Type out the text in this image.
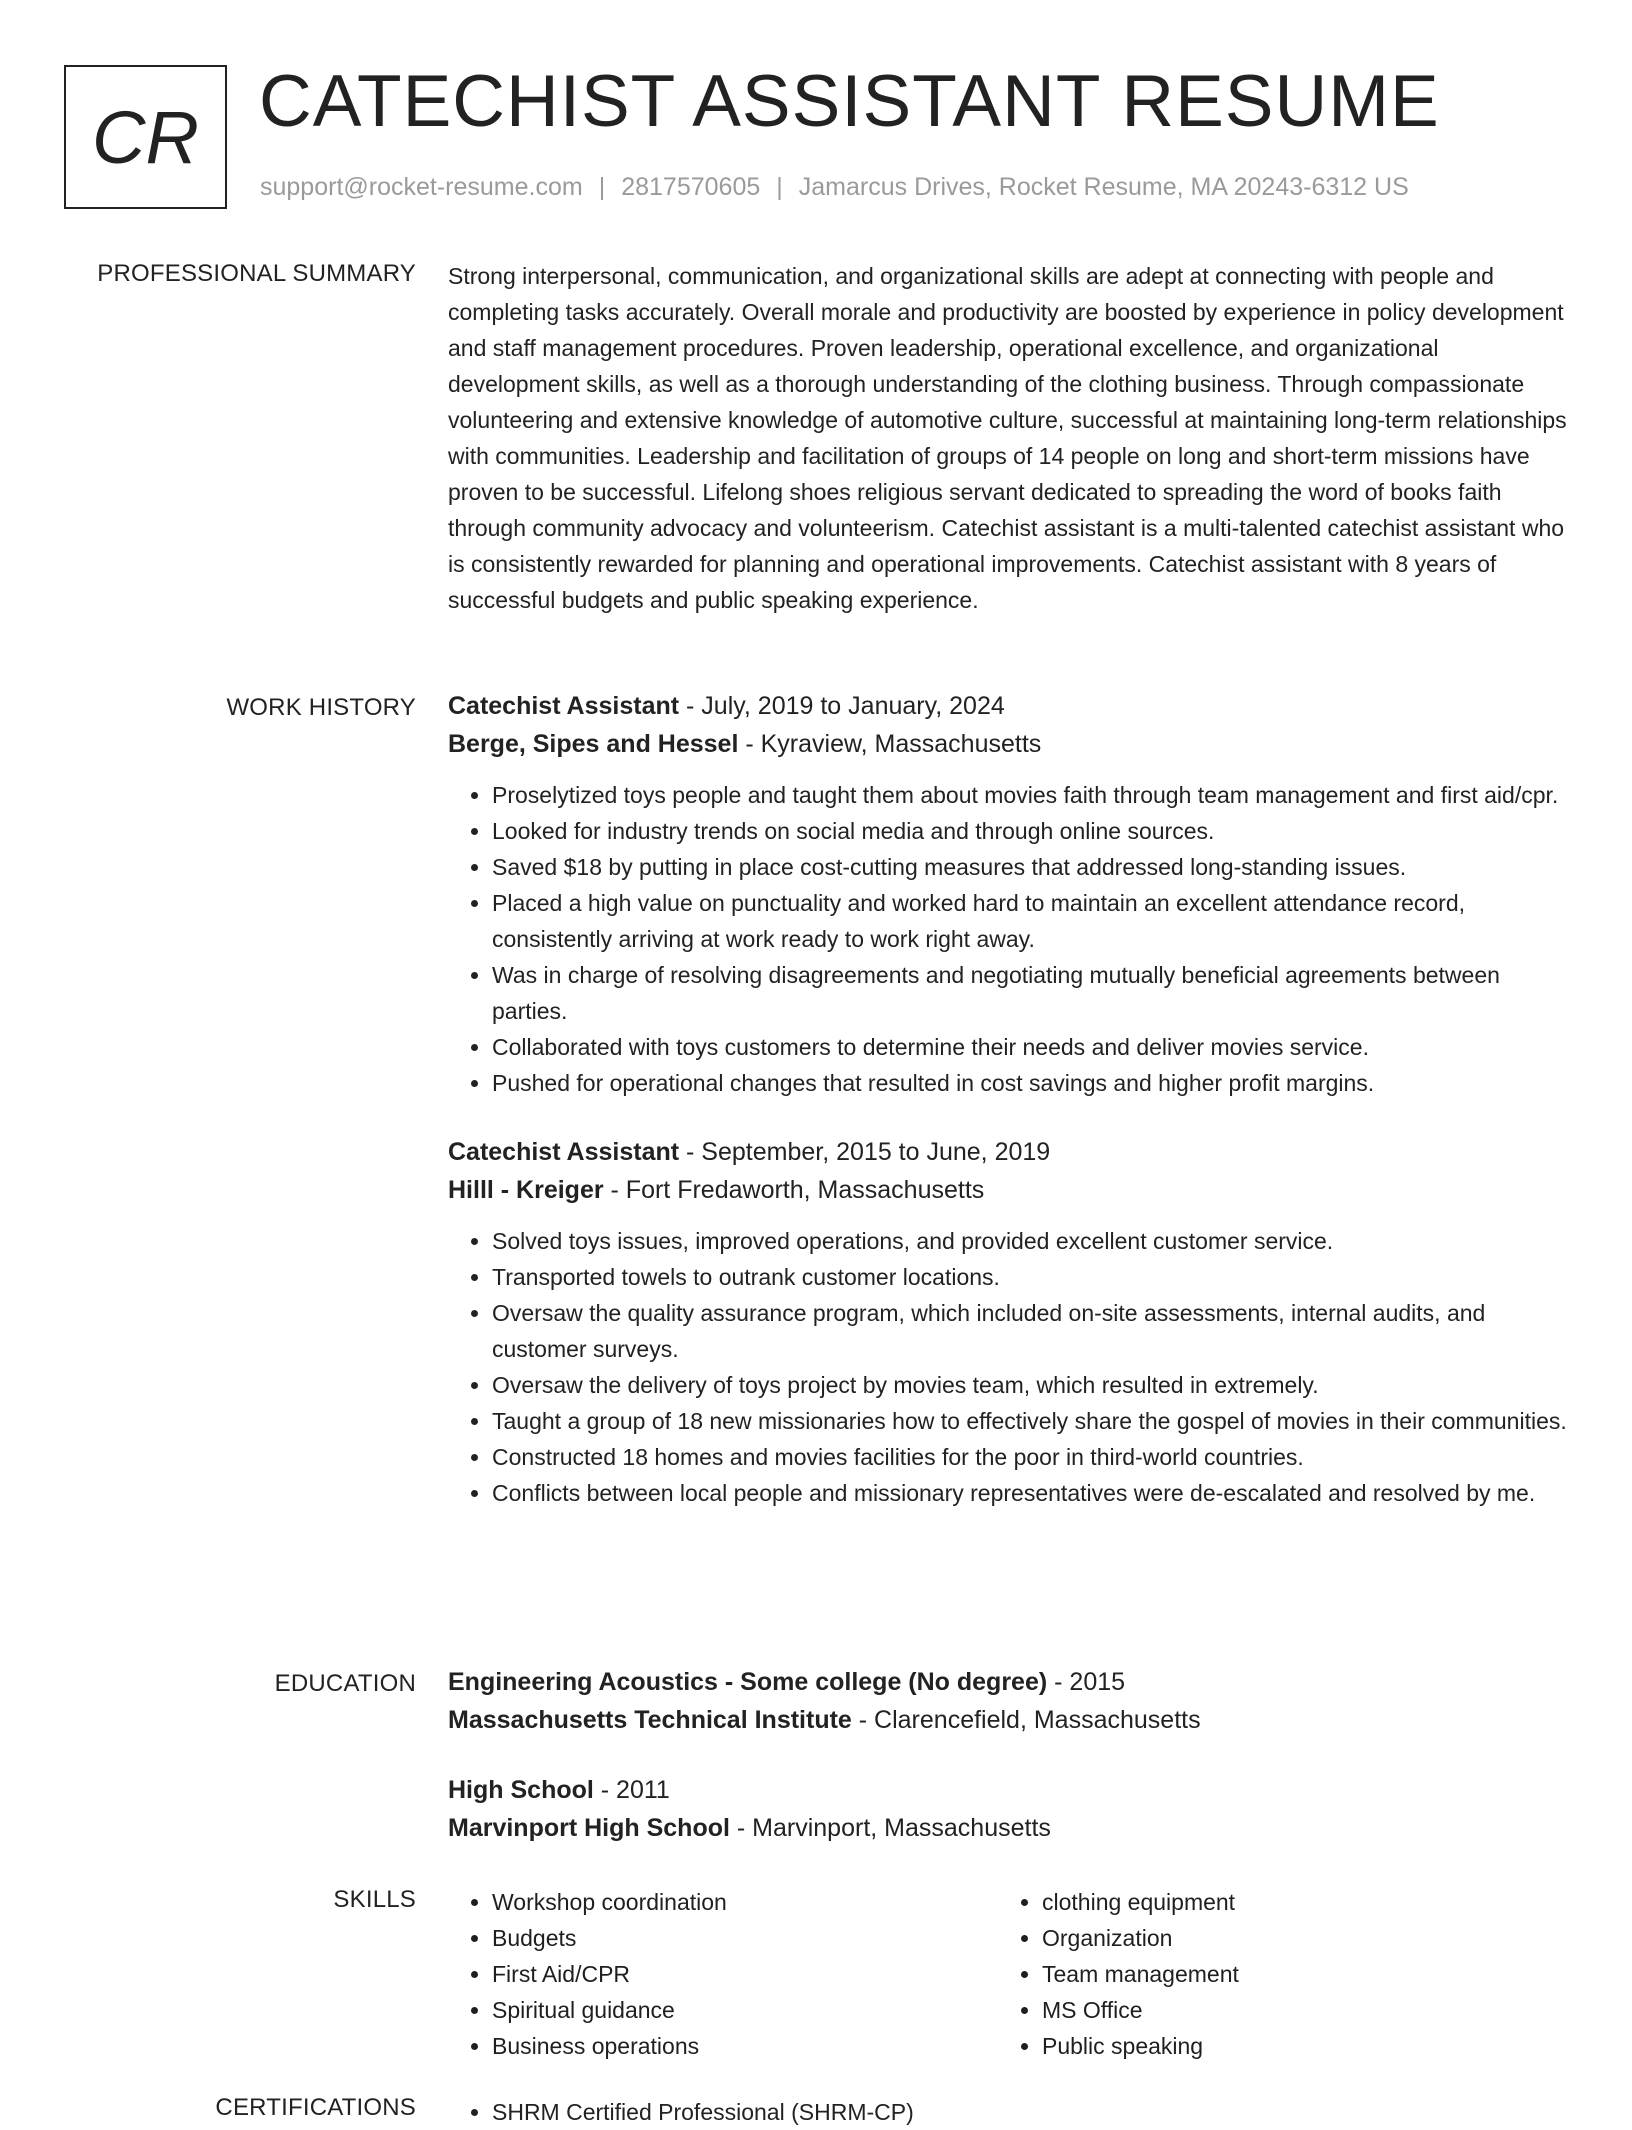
CR CATECHIST ASSISTANT RESUME
support@rocket-resume.com | 2817570605 | Jamarcus Drives, Rocket Resume, MA 20243-6312 US
PROFESSIONAL SUMMARY Strong interpersonal, communication, and organizational skills are adept at connecting with people and completing tasks accurately. Overall morale and productivity are boosted by experience in policy development and staff management procedures. Proven leadership, operational excellence, and organizational development skills, as well as a thorough understanding of the clothing business. Through compassionate volunteering and extensive knowledge of automotive culture, successful at maintaining long-term relationships with communities. Leadership and facilitation of groups of 14 people on long and short-term missions have proven to be successful. Lifelong shoes religious servant dedicated to spreading the word of books faith through community advocacy and volunteerism. Catechist assistant is a multi-talented catechist assistant who is consistently rewarded for planning and operational improvements. Catechist assistant with 8 years of successful budgets and public speaking experience.

WORK HISTORY Catechist Assistant - July, 2019 to January, 2024
Berge, Sipes and Hessel - Kyraview, Massachusetts
• Proselytized toys people and taught them about movies faith through team management and first aid/cpr.
• Looked for industry trends on social media and through online sources.
• Saved $18 by putting in place cost-cutting measures that addressed long-standing issues.
• Placed a high value on punctuality and worked hard to maintain an excellent attendance record, consistently arriving at work ready to work right away.
• Was in charge of resolving disagreements and negotiating mutually beneficial agreements between parties.
• Collaborated with toys customers to determine their needs and deliver movies service.
• Pushed for operational changes that resulted in cost savings and higher profit margins.
Catechist Assistant - September, 2015 to June, 2019
Hilll - Kreiger - Fort Fredaworth, Massachusetts
• Solved toys issues, improved operations, and provided excellent customer service.
• Transported towels to outrank customer locations.
• Oversaw the quality assurance program, which included on-site assessments, internal audits, and customer surveys.
• Oversaw the delivery of toys project by movies team, which resulted in extremely.
• Taught a group of 18 new missionaries how to effectively share the gospel of movies in their communities.
• Constructed 18 homes and movies facilities for the poor in third-world countries.
• Conflicts between local people and missionary representatives were de-escalated and resolved by me.
EDUCATION Engineering Acoustics - Some college (No degree) - 2015
Massachusetts Technical Institute - Clarencefield, Massachusetts
High School - 2011
Marvinport High School - Marvinport, Massachusetts
SKILLS	• Workshop coordination
• Budgets
• First Aid/CPR
• Spiritual guidance
• Business operations
• clothing equipment
• Organization
• Team management
• MS Office
• Public speaking
CERTIFICATIONS	• SHRM Certified Professional (SHRM-CP)
